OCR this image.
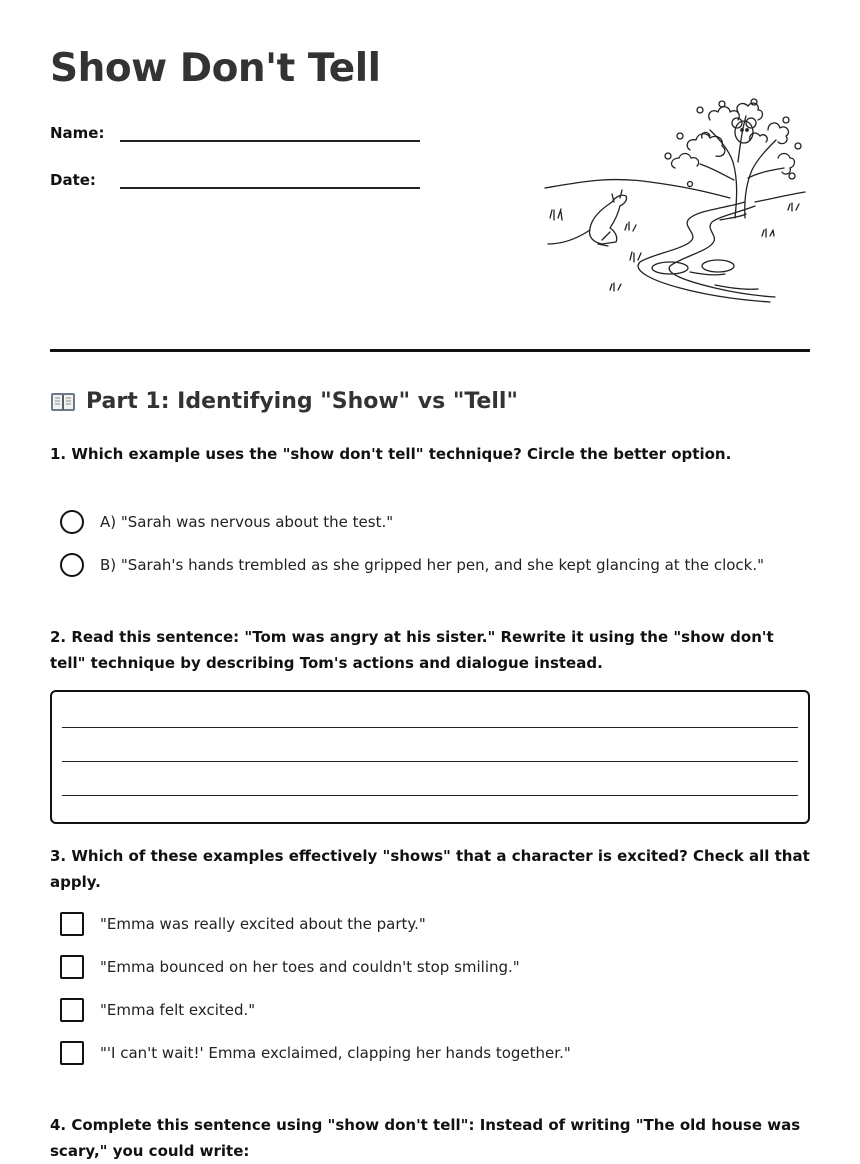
Show Don't Tell
Name:
Date:
Part 1: Identifying "Show" vs "Tell"

1. Which example uses the "show don't tell" technique? Circle the better option.

A) "Sarah was nervous about the test."
B) "Sarah's hands trembled as she gripped her pen, and she kept glancing at the clock."

2. Read this sentence: "Tom was angry at his sister." Rewrite it using the "show don't tell" technique by describing Tom's actions and dialogue instead.

3. Which of these examples effectively "shows" that a character is excited? Check all that apply.

"Emma was really excited about the party."
"Emma bounced on her toes and couldn't stop smiling."
"Emma felt excited."
"'I can't wait!' Emma exclaimed, clapping her hands together."

4. Complete this sentence using "show don't tell": Instead of writing "The old house was scary," you could write:
